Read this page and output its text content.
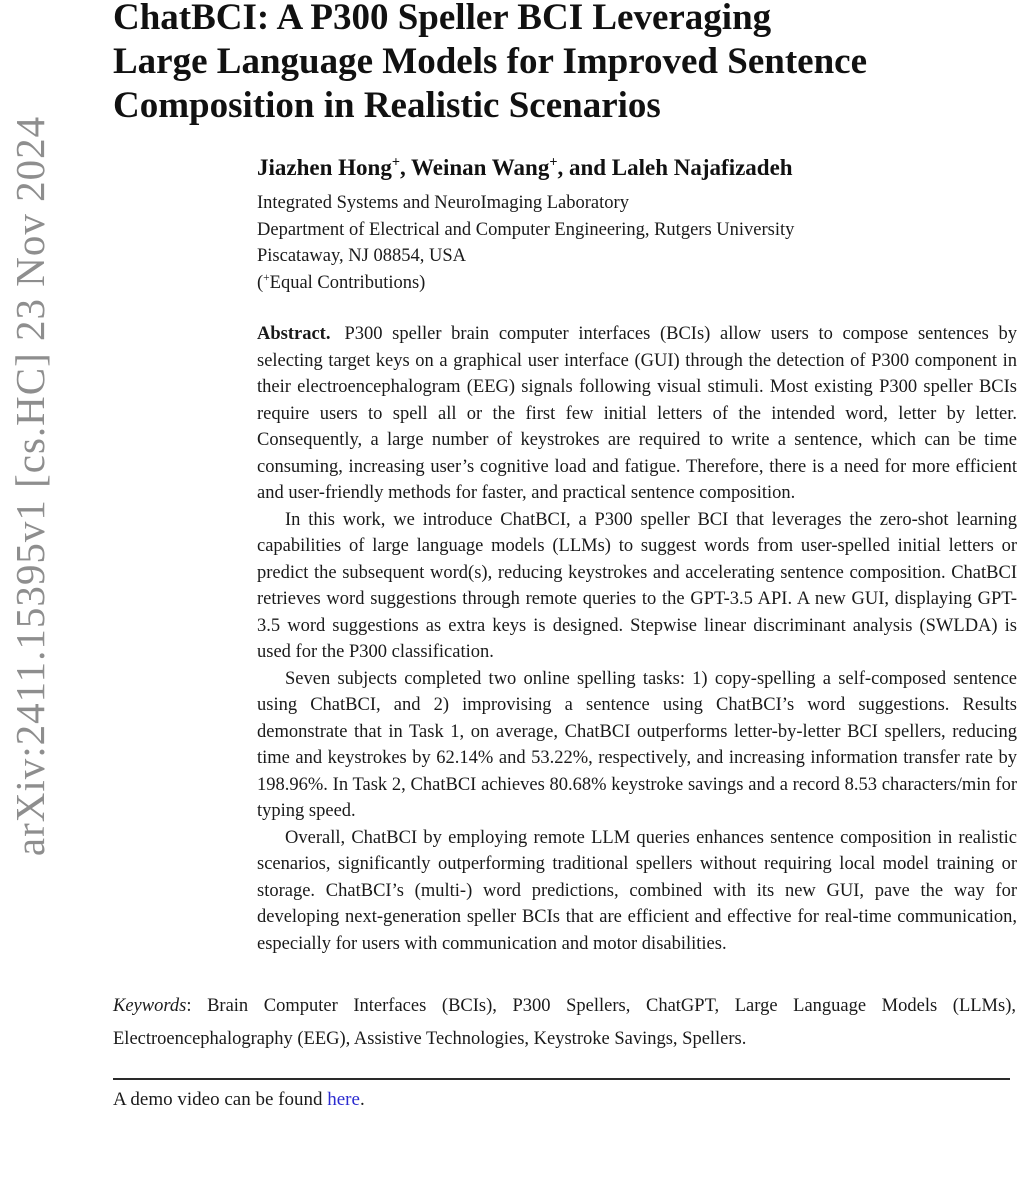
arXiv:2411.15395v1 [cs.HC] 23 Nov 2024
ChatBCI: A P300 Speller BCI Leveraging
Large Language Models for Improved Sentence
Composition in Realistic Scenarios
Jiazhen Hong+, Weinan Wang+, and Laleh Najafizadeh
Integrated Systems and NeuroImaging Laboratory
Department of Electrical and Computer Engineering, Rutgers University
Piscataway, NJ 08854, USA
(+Equal Contributions)

Abstract. P300 speller brain computer interfaces (BCIs) allow users to compose sentences by selecting target keys on a graphical user interface (GUI) through the detection of P300 component in their electroencephalogram (EEG) signals following visual stimuli. Most existing P300 speller BCIs require users to spell all or the first few initial letters of the intended word, letter by letter. Consequently, a large number of keystrokes are required to write a sentence, which can be time consuming, increasing user’s cognitive load and fatigue. Therefore, there is a need for more efficient and user-friendly methods for faster, and practical sentence composition.

In this work, we introduce ChatBCI, a P300 speller BCI that leverages the zero-shot learning capabilities of large language models (LLMs) to suggest words from user-spelled initial letters or predict the subsequent word(s), reducing keystrokes and accelerating sentence composition. ChatBCI retrieves word suggestions through remote queries to the GPT-3.5 API. A new GUI, displaying GPT-3.5 word suggestions as extra keys is designed. Stepwise linear discriminant analysis (SWLDA) is used for the P300 classification.

Seven subjects completed two online spelling tasks: 1) copy-spelling a self-composed sentence using ChatBCI, and 2) improvising a sentence using ChatBCI’s word suggestions. Results demonstrate that in Task 1, on average, ChatBCI outperforms letter-by-letter BCI spellers, reducing time and keystrokes by 62.14% and 53.22%, respectively, and increasing information transfer rate by 198.96%. In Task 2, ChatBCI achieves 80.68% keystroke savings and a record 8.53 characters/min for typing speed.

Overall, ChatBCI by employing remote LLM queries enhances sentence composition in realistic scenarios, significantly outperforming traditional spellers without requiring local model training or storage. ChatBCI’s (multi-) word predictions, combined with its new GUI, pave the way for developing next-generation speller BCIs that are efficient and effective for real-time communication, especially for users with communication and motor disabilities.

Keywords: Brain Computer Interfaces (BCIs), P300 Spellers, ChatGPT, Large Language Models (LLMs), Electroencephalography (EEG), Assistive Technologies, Keystroke Savings, Spellers.
A demo video can be found here.
